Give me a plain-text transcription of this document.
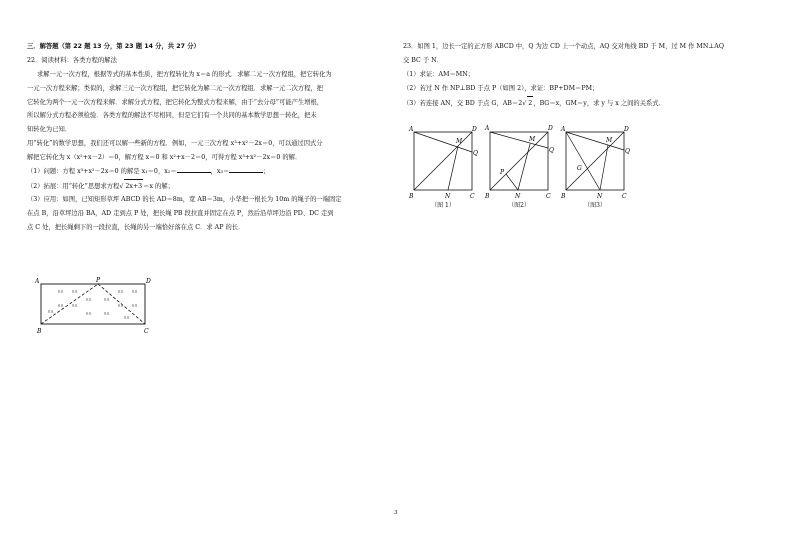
三．解答题（第 22 题 13 分，第 23 题 14 分，共 27 分）
22．阅读材料：各类方程的解法
求解一元一次方程，根据等式的基本性质，把方程转化为 x＝a 的形式．求解二元一次方程组，把它转化为
一元一次方程来解；类似的，求解三元一次方程组，把它转化为解二元一次方程组．求解一元二次方程，把
它转化为两个一元一次方程来解．求解分式方程，把它转化为整式方程来解，由于“去分母”可能产生增根，
所以解分式方程必须检验．各类方程的解法不尽相同，但是它们有一个共同的基本数学思想－转化，把未
知转化为已知．
用“转化”的数学思想，我们还可以解一些新的方程．例如，一元三次方程 x³+x²－2x＝0，可以通过因式分
解把它转化为 x（x²+x－2）＝0，解方程 x＝0 和 x²+x－2＝0，可得方程 x³+x²－2x＝0 的解．
（1）问题：方程 x³+x²－2x＝0 的解是 x₁＝0，x₂＝	，x₃＝	；
（2）拓展：用“转化”思想求方程√ 2x+3＝x 的解；
（3）应用：如图，已知矩形草坪 ABCD 的长 AD＝8m，宽 AB＝3m，小华把一根长为 10m 的绳子的一端固定
在点 B，沿草坪边沿 BA，AD 走到点 P 处，把长绳 PB 段拉直并固定在点 P，然后沿草坪边沿 PD、DC 走到
点 C 处，把长绳剩下的一段拉直，长绳的另一端恰好落在点 C．求 AP 的长．
A	P	D
B	C
23．如图 1，边长一定的正方形 ABCD 中，Q 为边 CD 上一个动点，AQ 交对角线 BD 于 M，过 M 作 MN⊥AQ
交 BC 于 N．
（1）求证：AM＝MN；
（2）若过 N 作 NP⊥BD 于点 P（如图 2），求证：BP+DM＝PM；
（3）若连接 AN，交 BD 于点 G，AB＝2√ 2，BG＝x，GM＝y，求 y 与 x 之间的关系式．
A	D
M
Q
B	N	C
（图 1）
A	D
M
Q
P
B	N	C
（图2）
A	D
M
Q
G
B	N	C
（图3）
3
